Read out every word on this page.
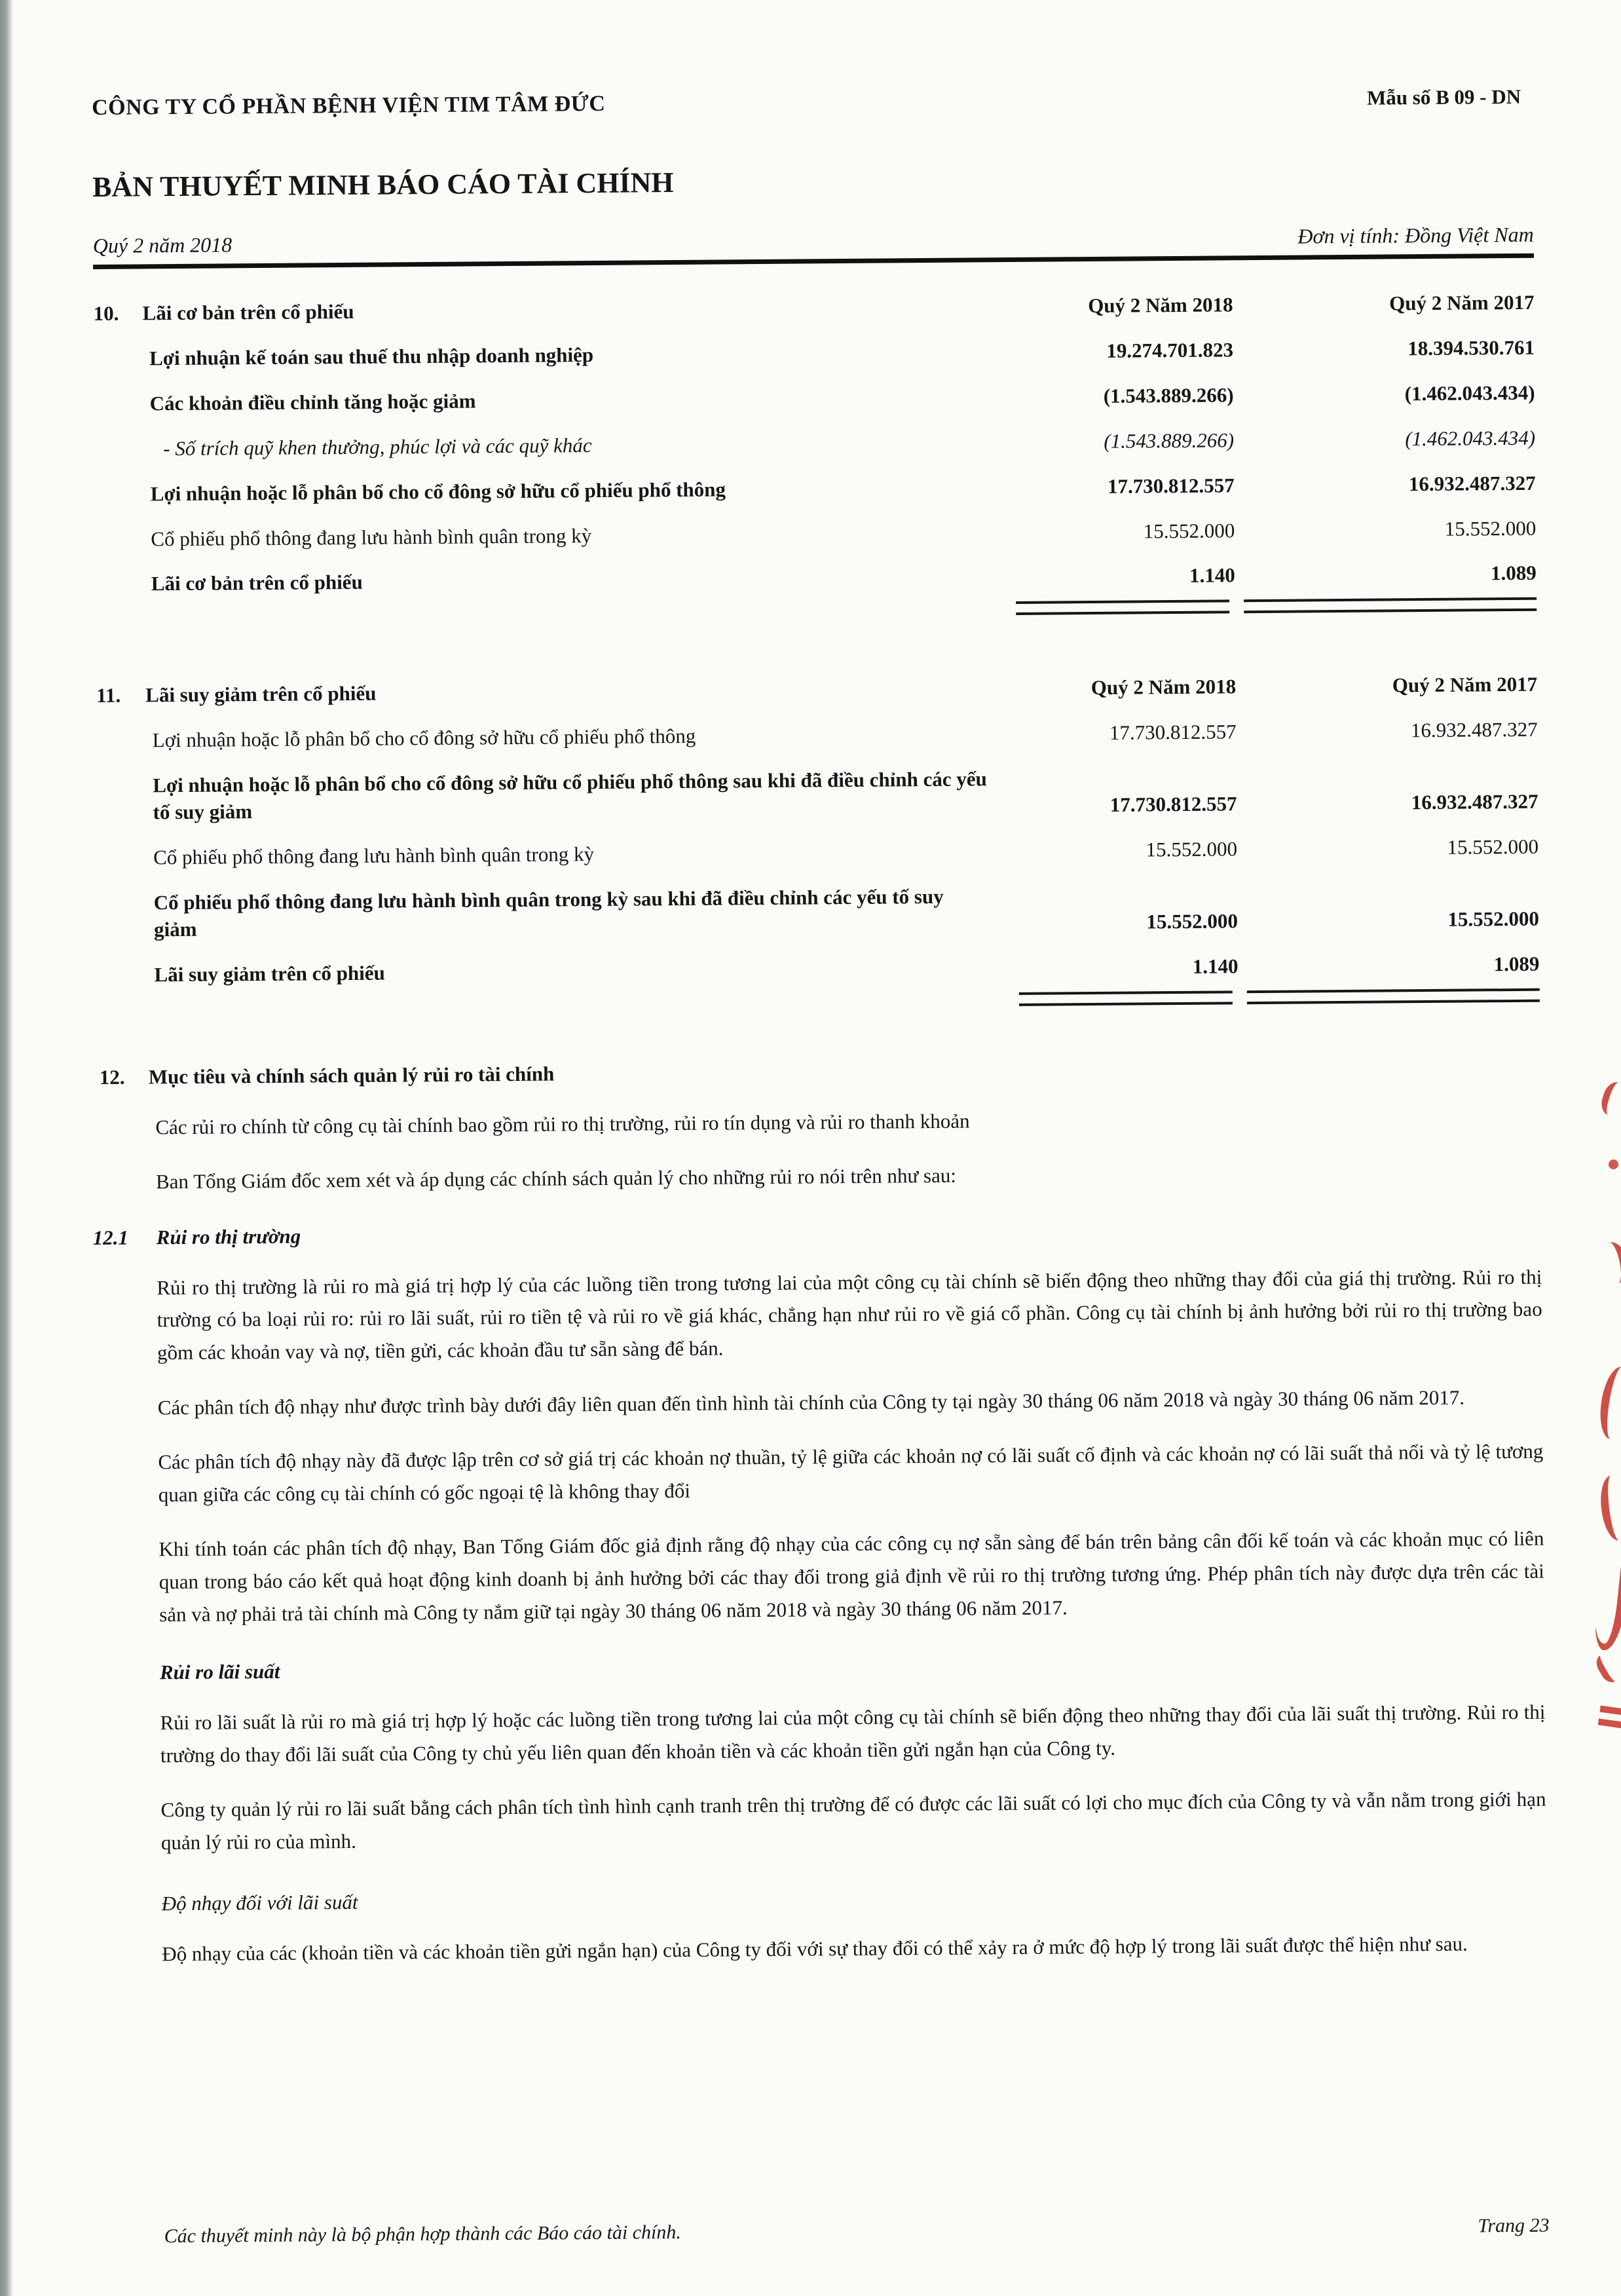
CÔNG TY CỔ PHẦN BỆNH VIỆN TIM TÂM ĐỨC	Mẫu số B 09 - DN
BẢN THUYẾT MINH BÁO CÁO TÀI CHÍNH
Quý 2 năm 2018	Đơn vị tính: Đồng Việt Nam
10. Lãi cơ bản trên cổ phiếu	Quý 2 Năm 2018	Quý 2 Năm 2017
Lợi nhuận kế toán sau thuế thu nhập doanh nghiệp	19.274.701.823	18.394.530.761
Các khoản điều chỉnh tăng hoặc giảm	(1.543.889.266)	(1.462.043.434)
- Số trích quỹ khen thưởng, phúc lợi và các quỹ khác	(1.543.889.266)	(1.462.043.434)
Lợi nhuận hoặc lỗ phân bổ cho cổ đông sở hữu cổ phiếu phổ thông	17.730.812.557	16.932.487.327
Cổ phiếu phổ thông đang lưu hành bình quân trong kỳ	15.552.000	15.552.000
Lãi cơ bản trên cổ phiếu	1.140	1.089
11. Lãi suy giảm trên cổ phiếu	Quý 2 Năm 2018	Quý 2 Năm 2017
Lợi nhuận hoặc lỗ phân bổ cho cổ đông sở hữu cổ phiếu phổ thông	17.730.812.557	16.932.487.327
Lợi nhuận hoặc lỗ phân bổ cho cổ đông sở hữu cổ phiếu phổ thông sau khi đã điều chỉnh các yếu tố suy giảm	17.730.812.557	16.932.487.327
Cổ phiếu phổ thông đang lưu hành bình quân trong kỳ	15.552.000	15.552.000
Cổ phiếu phổ thông đang lưu hành bình quân trong kỳ sau khi đã điều chỉnh các yếu tố suy giảm	15.552.000	15.552.000
Lãi suy giảm trên cổ phiếu	1.140	1.089
12. Mục tiêu và chính sách quản lý rủi ro tài chính

Các rủi ro chính từ công cụ tài chính bao gồm rủi ro thị trường, rủi ro tín dụng và rủi ro thanh khoản

Ban Tổng Giám đốc xem xét và áp dụng các chính sách quản lý cho những rủi ro nói trên như sau:

12.1 Rủi ro thị trường

Rủi ro thị trường là rủi ro mà giá trị hợp lý của các luồng tiền trong tương lai của một công cụ tài chính sẽ biến động theo những thay đổi của giá thị trường. Rủi ro thị trường có ba loại rủi ro: rủi ro lãi suất, rủi ro tiền tệ và rủi ro về giá khác, chẳng hạn như rủi ro về giá cổ phần. Công cụ tài chính bị ảnh hưởng bởi rủi ro thị trường bao gồm các khoản vay và nợ, tiền gửi, các khoản đầu tư sẵn sàng để bán.

Các phân tích độ nhạy như được trình bày dưới đây liên quan đến tình hình tài chính của Công ty tại ngày 30 tháng 06 năm 2018 và ngày 30 tháng 06 năm 2017.

Các phân tích độ nhạy này đã được lập trên cơ sở giá trị các khoản nợ thuần, tỷ lệ giữa các khoản nợ có lãi suất cố định và các khoản nợ có lãi suất thả nổi và tỷ lệ tương quan giữa các công cụ tài chính có gốc ngoại tệ là không thay đổi

Khi tính toán các phân tích độ nhạy, Ban Tổng Giám đốc giả định rằng độ nhạy của các công cụ nợ sẵn sàng để bán trên bảng cân đối kế toán và các khoản mục có liên quan trong báo cáo kết quả hoạt động kinh doanh bị ảnh hưởng bởi các thay đổi trong giả định về rủi ro thị trường tương ứng. Phép phân tích này được dựa trên các tài sản và nợ phải trả tài chính mà Công ty nắm giữ tại ngày 30 tháng 06 năm 2018 và ngày 30 tháng 06 năm 2017.

Rủi ro lãi suất

Rủi ro lãi suất là rủi ro mà giá trị hợp lý hoặc các luồng tiền trong tương lai của một công cụ tài chính sẽ biến động theo những thay đổi của lãi suất thị trường. Rủi ro thị trường do thay đổi lãi suất của Công ty chủ yếu liên quan đến khoản tiền và các khoản tiền gửi ngắn hạn của Công ty.

Công ty quản lý rủi ro lãi suất bằng cách phân tích tình hình cạnh tranh trên thị trường để có được các lãi suất có lợi cho mục đích của Công ty và vẫn nằm trong giới hạn quản lý rủi ro của mình.

Độ nhạy đối với lãi suất

Độ nhạy của các (khoản tiền và các khoản tiền gửi ngắn hạn) của Công ty đối với sự thay đổi có thể xảy ra ở mức độ hợp lý trong lãi suất được thể hiện như sau.

Các thuyết minh này là bộ phận hợp thành các Báo cáo tài chính.	Trang 23
